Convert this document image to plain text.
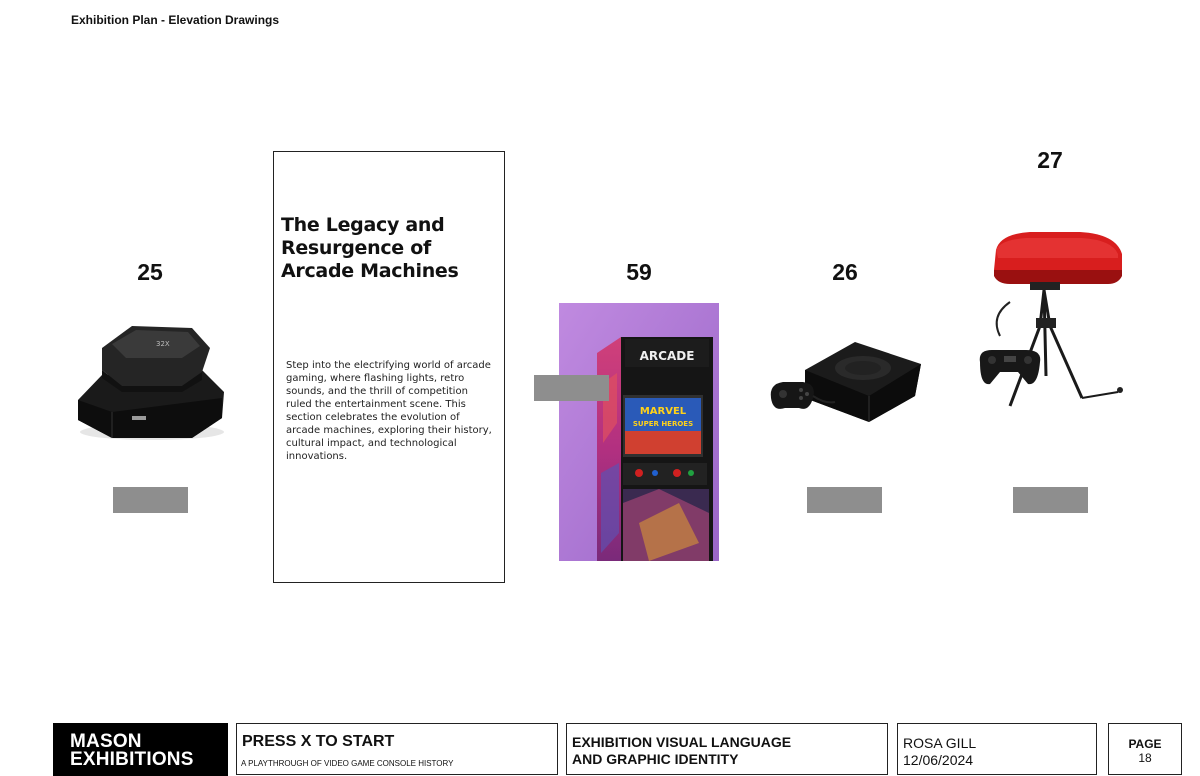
Exhibition Plan - Elevation Drawings
25
32X
The Legacy and Resurgence of Arcade Machines
Step into the electrifying world of arcade gaming, where flashing lights, retro sounds, and the thrill of competition ruled the entertainment scene. This section celebrates the evolution of arcade machines, exploring their history, cultural impact, and technological innovations.
59
ARCADE
MARVEL
SUPER HEROES
26
27
MASON
EXHIBITIONS
PRESS X TO START
A PLAYTHROUGH OF VIDEO GAME CONSOLE HISTORY
EXHIBITION VISUAL LANGUAGE
AND GRAPHIC IDENTITY
ROSA GILL
12/06/2024
PAGE
18
